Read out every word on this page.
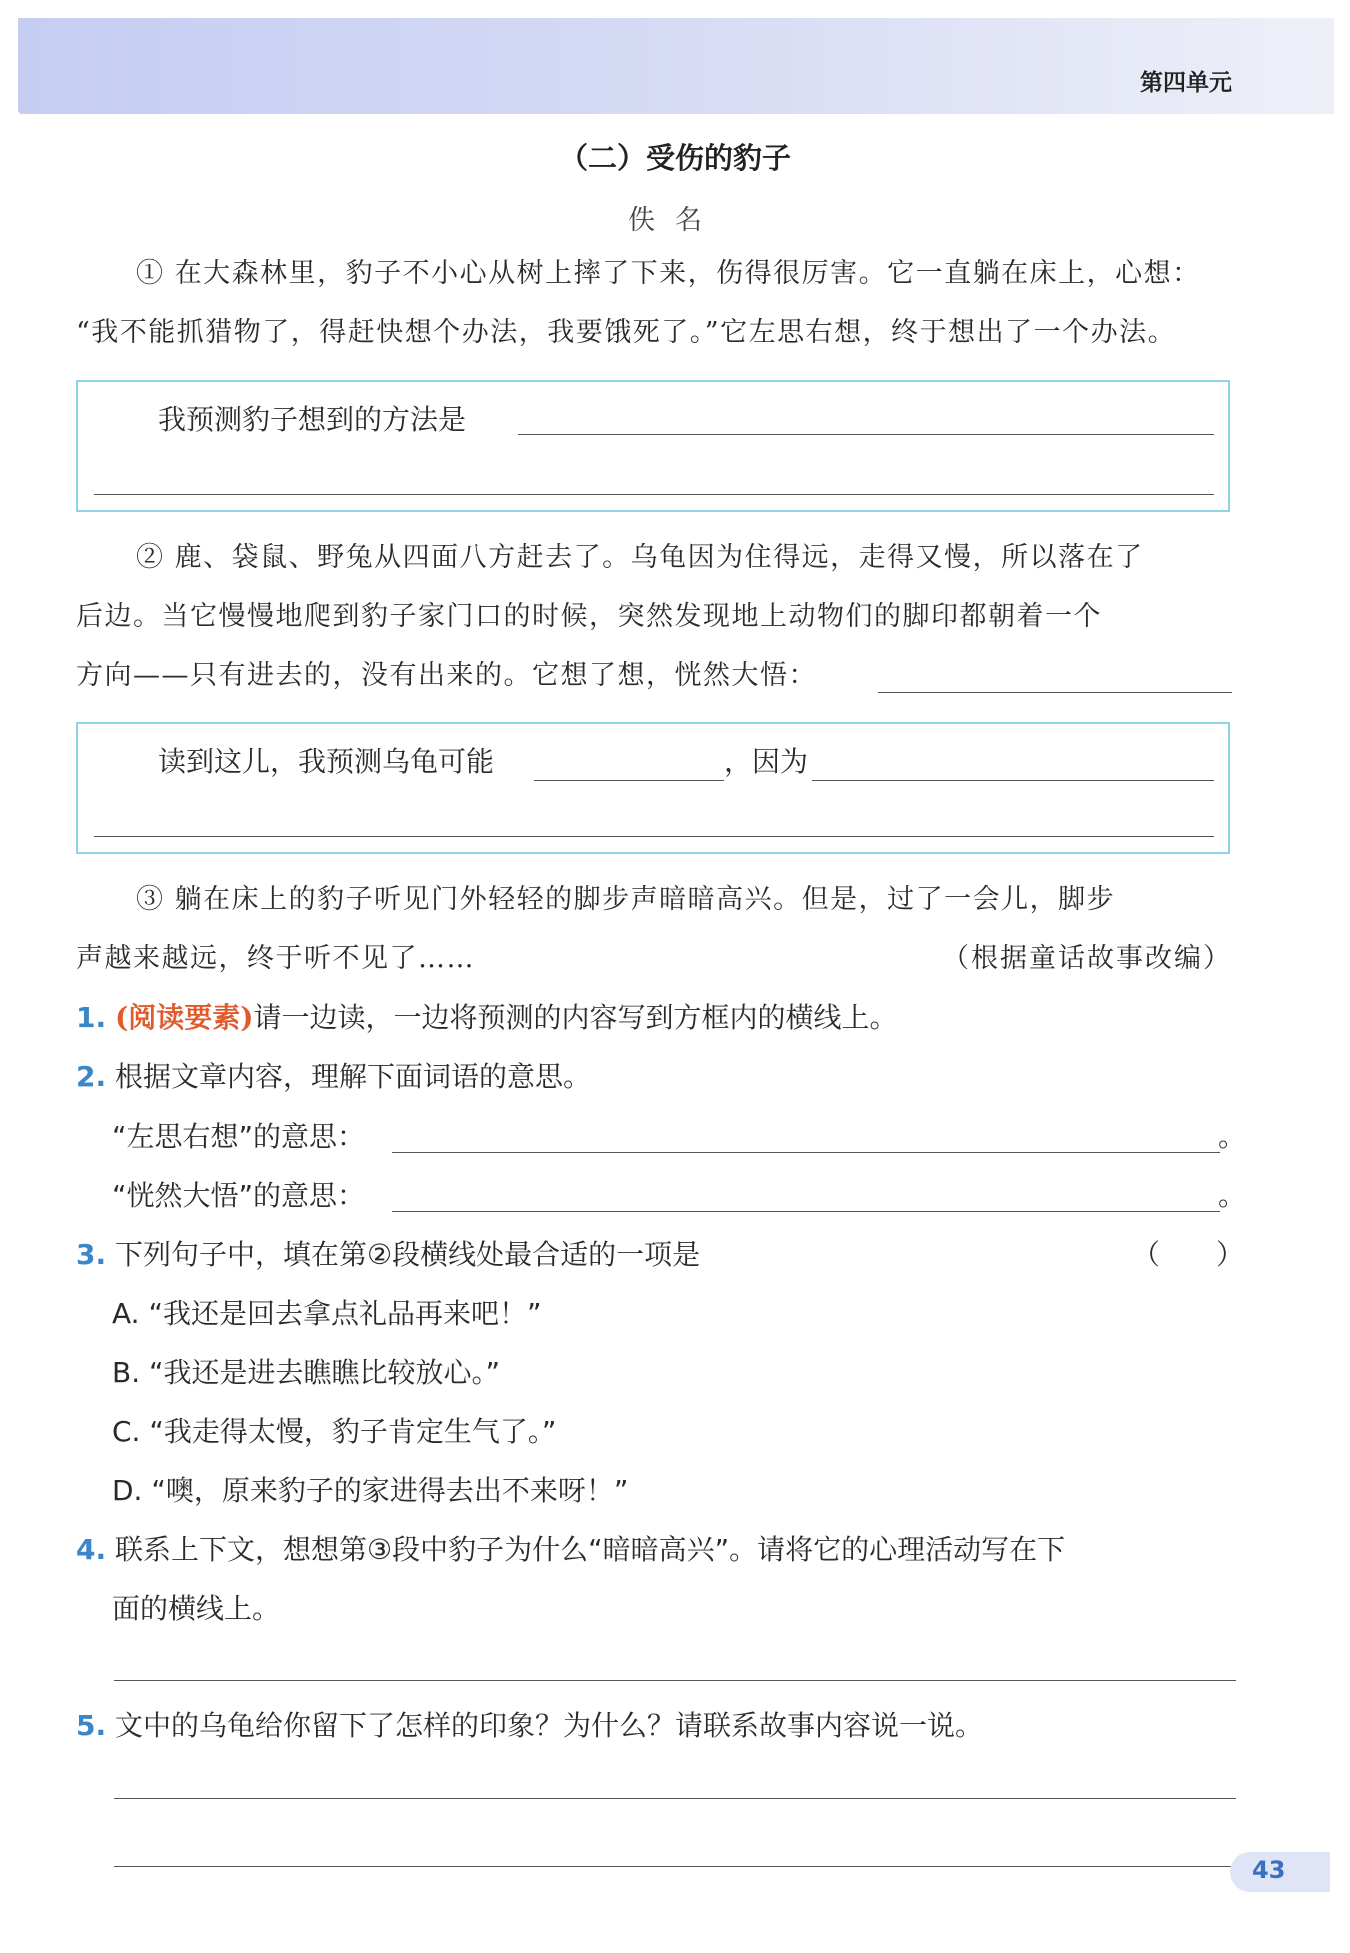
第四单元
（二）受伤的豹子
佚名
① 在大森林里，豹子不小心从树上摔了下来，伤得很厉害。它一直躺在床上，心想：
“我不能抓猎物了，得赶快想个办法，我要饿死了。”它左思右想，终于想出了一个办法。
我预测豹子想到的方法是
② 鹿、袋鼠、野兔从四面八方赶去了。乌龟因为住得远，走得又慢，所以落在了
后边。当它慢慢地爬到豹子家门口的时候，突然发现地上动物们的脚印都朝着一个
方向——只有进去的，没有出来的。它想了想，恍然大悟：
读到这儿，我预测乌龟可能	，因为
③ 躺在床上的豹子听见门外轻轻的脚步声暗暗高兴。但是，过了一会儿，脚步
声越来越远，终于听不见了……	（根据童话故事改编）
1. (阅读要素)请一边读，一边将预测的内容写到方框内的横线上。
2. 根据文章内容，理解下面词语的意思。
“左思右想”的意思：	。
“恍然大悟”的意思：	。
3. 下列句子中，填在第②段横线处最合适的一项是	（　　）
A. “我还是回去拿点礼品再来吧！”
B. “我还是进去瞧瞧比较放心。”
C. “我走得太慢，豹子肯定生气了。”
D. “噢，原来豹子的家进得去出不来呀！”
4. 联系上下文，想想第③段中豹子为什么“暗暗高兴”。请将它的心理活动写在下
面的横线上。
5. 文中的乌龟给你留下了怎样的印象？为什么？请联系故事内容说一说。
43
